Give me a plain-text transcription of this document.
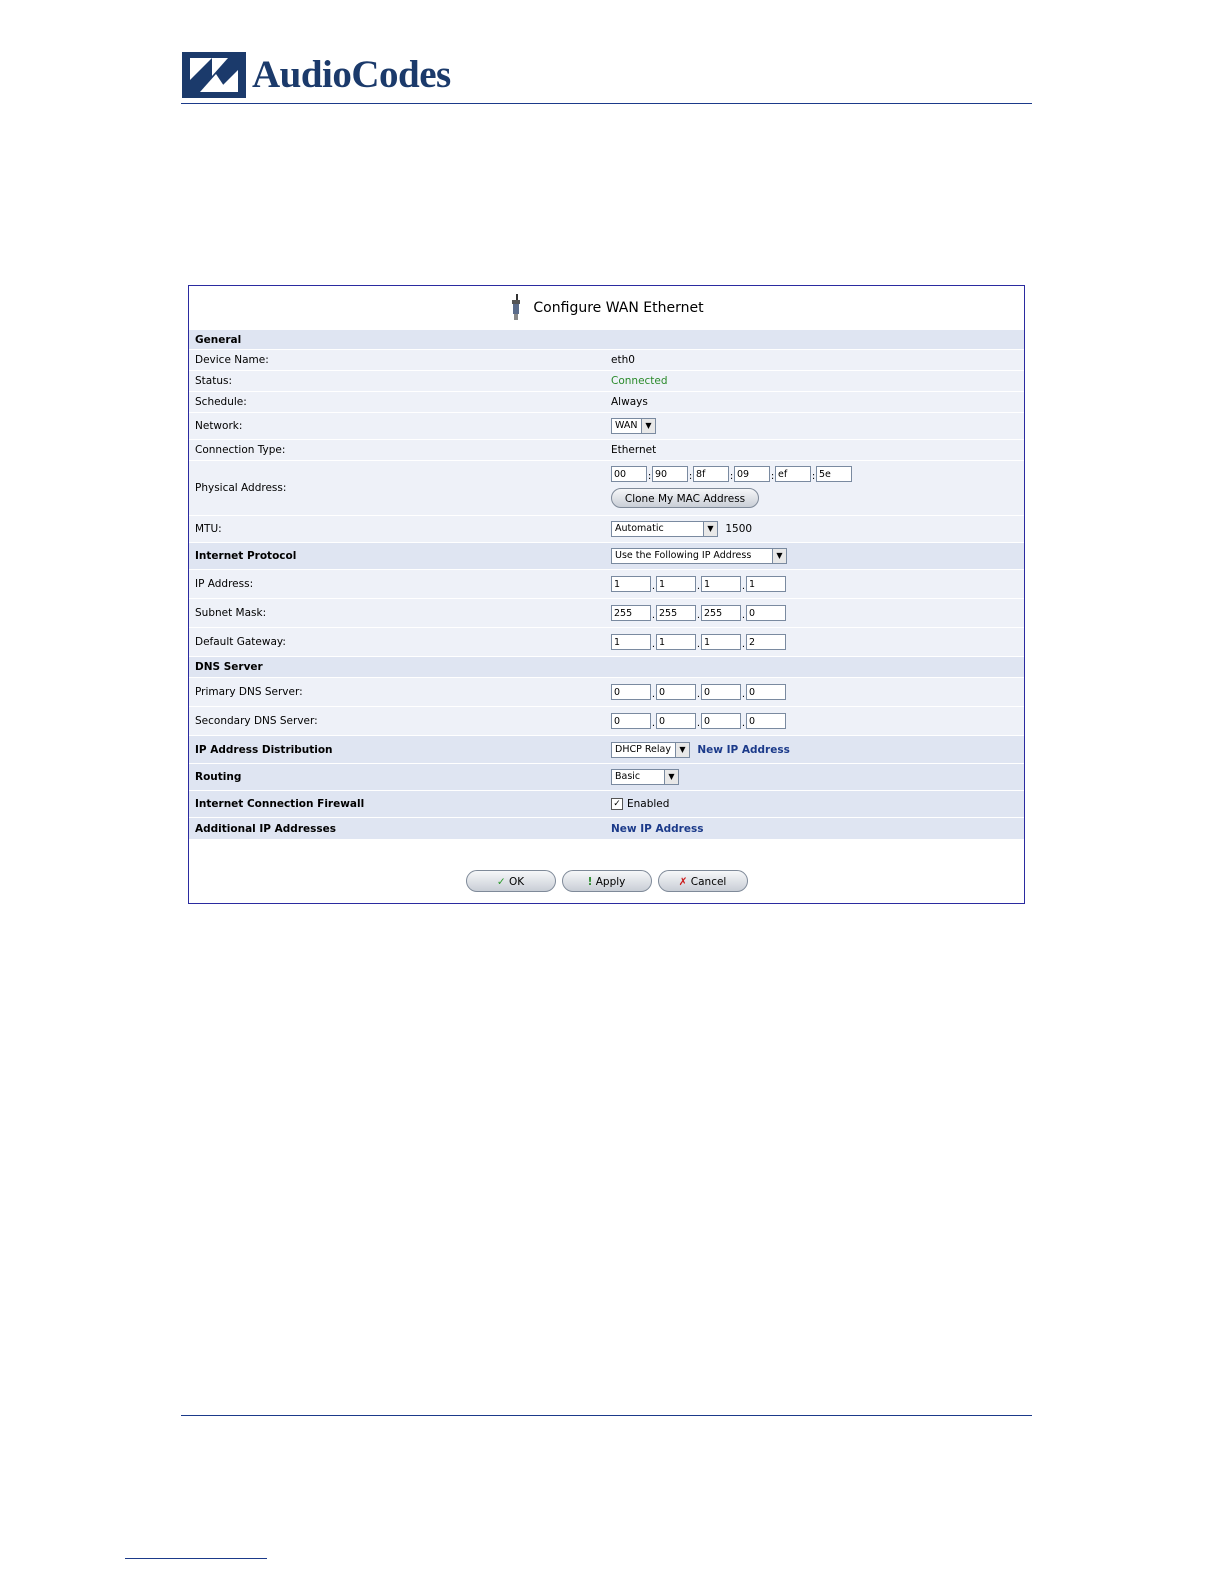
AudioCodes
Configure WAN Ethernet
General
Device Name:	eth0
Status:	Connected
Schedule:	Always
Network:	WAN ▼
Connection Type:	Ethernet
Physical Address:
00 : 90 : 8f : 09 : ef : 5e
Clone My MAC Address
MTU:	Automatic	▼	1500
Internet Protocol	Use the Following IP Address	▼
IP Address:	1	. 1	. 1	. 1
Subnet Mask:	255 . 255 . 255 . 0
Default Gateway:	1	. 1	. 1	. 2
DNS Server
Primary DNS Server:	0	. 0	. 0	. 0
Secondary DNS Server:	0	. 0	. 0	. 0
IP Address Distribution	DHCP Relay	▼	New IP Address
Routing	Basic	▼
Internet Connection Firewall	✓ Enabled
Additional IP Addresses	New IP Address
✓ OK	! Apply	✗ Cancel
